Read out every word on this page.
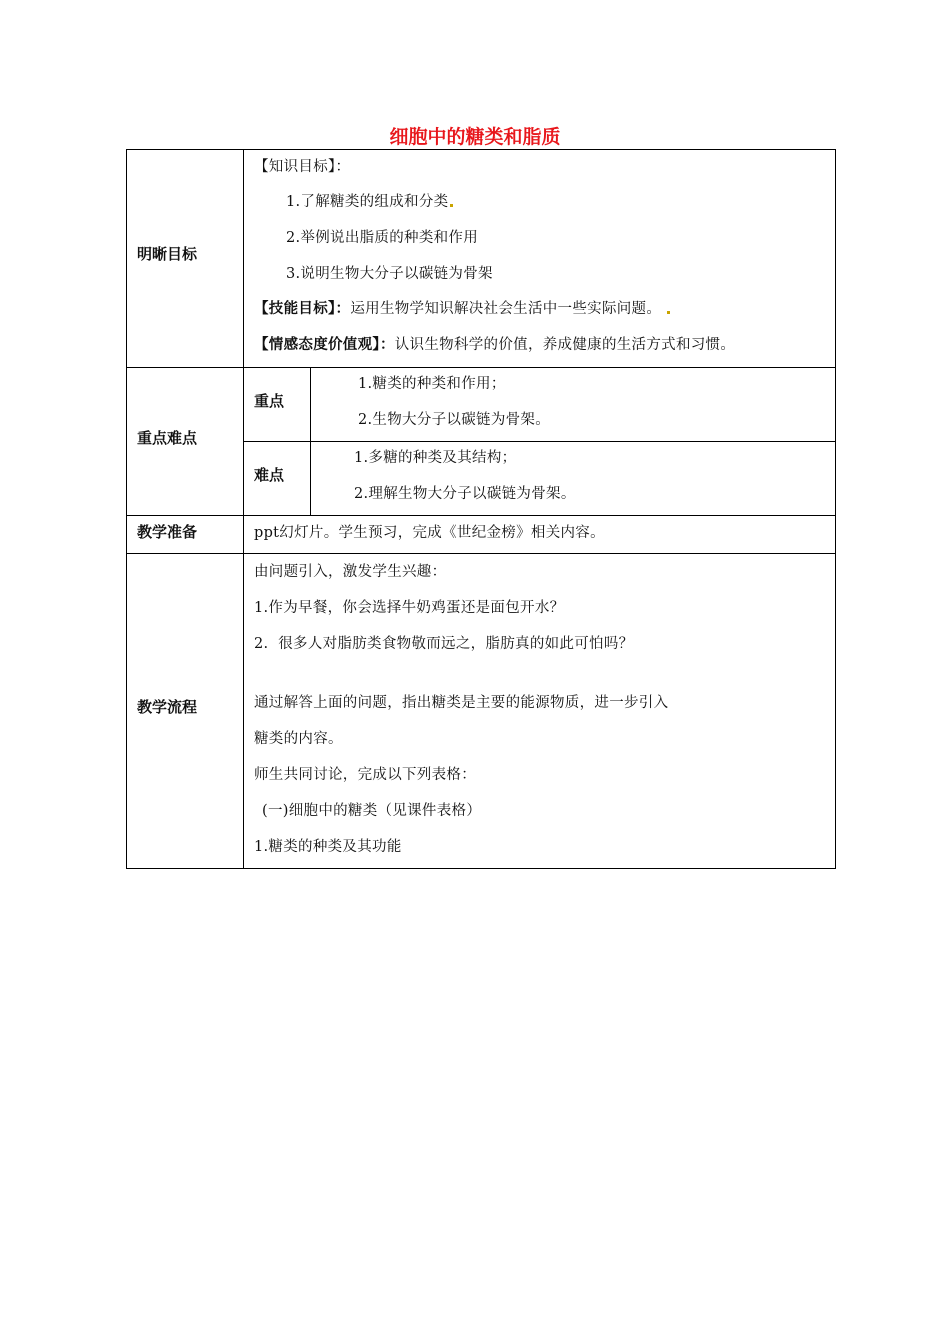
细胞中的糖类和脂质
明晰目标
【知识目标】：
1.了解糖类的组成和分类
2.举例说出脂质的种类和作用
3.说明生物大分子以碳链为骨架
【技能目标】：运用生物学知识解决社会生活中一些实际问题。
【情感态度价值观】：认识生物科学的价值，养成健康的生活方式和习惯。
重点难点
重点
1.糖类的种类和作用；
2.生物大分子以碳链为骨架。
难点
1.多糖的种类及其结构；
2.理解生物大分子以碳链为骨架。
教学准备	ppt幻灯片。学生预习，完成《世纪金榜》相关内容。
教学流程
由问题引入，激发学生兴趣：
1.作为早餐，你会选择牛奶鸡蛋还是面包开水？
2.  很多人对脂肪类食物敬而远之，脂肪真的如此可怕吗？
通过解答上面的问题，指出糖类是主要的能源物质，进一步引入
糖类的内容。
师生共同讨论，完成以下列表格：
(一)细胞中的糖类（见课件表格）
1.糖类的种类及其功能
